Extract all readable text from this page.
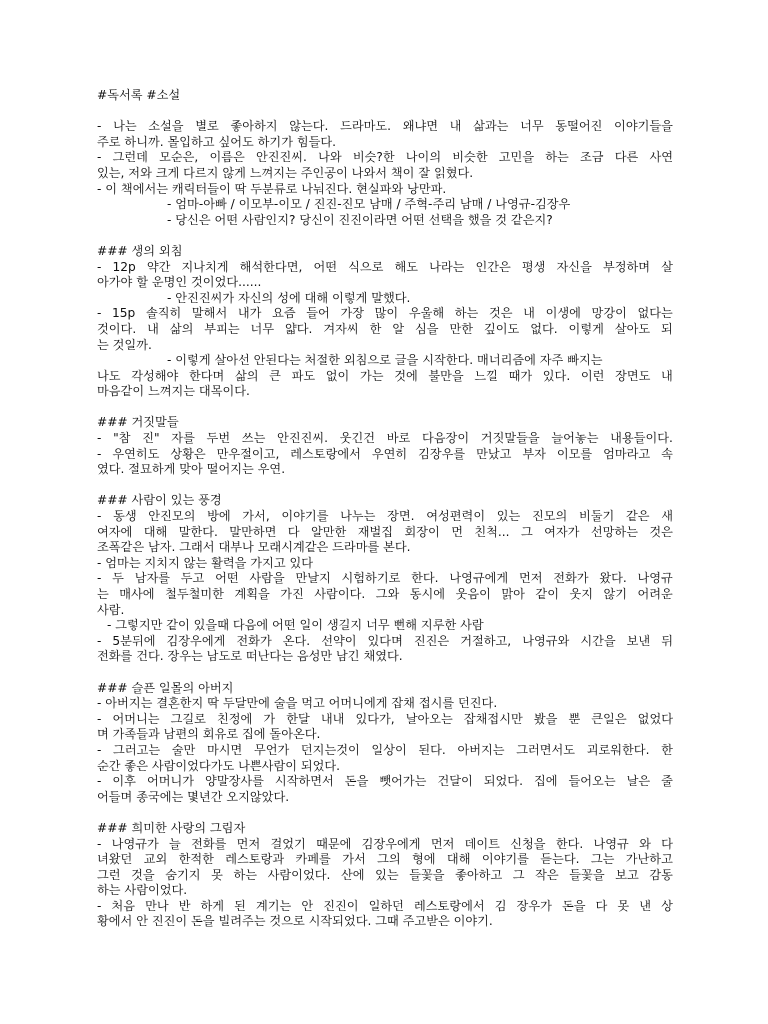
#독서록 #소설
- 나는 소설을 별로 좋아하지 않는다. 드라마도. 왜냐면 내 삶과는 너무 동떨어진 이야기들을
주로 하니까. 몰입하고 싶어도 하기가 힘들다.
- 그런데 모순은, 이름은 안진진씨. 나와 비슷?한 나이의 비슷한 고민을 하는 조금 다른 사연
있는, 저와 크게 다르지 않게 느껴지는 주인공이 나와서 책이 잘 읽혔다.
- 이 책에서는 캐릭터들이 딱 두분류로 나눠진다. 현실파와 낭만파.
- 엄마-아빠 / 이모부-이모 / 진진-진모 남매 / 주혁-주리 남매 / 나영규-김장우
- 당신은 어떤 사람인지? 당신이 진진이라면 어떤 선택을 했을 것 같은지?
### 생의 외침
- 12p 약간 지나치게 해석한다면, 어떤 식으로 해도 나라는 인간은 평생 자신을 부정하며 살
아가야 할 운명인 것이었다......
- 안진진씨가 자신의 성에 대해 이렇게 말했다.
- 15p 솔직히 말해서 내가 요즘 들어 가장 많이 우울해 하는 것은 내 이생에 망강이 없다는
것이다. 내 삶의 부피는 너무 얇다. 겨자씨 한 알 심을 만한 깊이도 없다. 이렇게 살아도 되
는 것일까.
- 이렇게 살아선 안된다는 처절한 외침으로 글을 시작한다. 매너리즘에 자주 빠지는
나도 각성해야 한다며 삶의 큰 파도 없이 가는 것에 불만을 느낄 때가 있다. 이런 장면도 내
마음같이 느껴지는 대목이다.
### 거짓말들
- "참 진" 자를 두번 쓰는 안진진씨. 웃긴건 바로 다음장이 거짓말들을 늘어놓는 내용들이다.
- 우연히도 상황은 만우절이고, 레스토랑에서 우연히 김장우를 만났고 부자 이모를 엄마라고 속
였다. 절묘하게 맞아 떨어지는 우연.
### 사람이 있는 풍경
- 동생 안진모의 방에 가서, 이야기를 나누는 장면. 여성편력이 있는 진모의 비둘기 같은 새
여자에 대해 말한다. 말만하면 다 알만한 재벌집 회장이 먼 친척... 그 여자가 선망하는 것은
조폭같은 남자. 그래서 대부나 모래시계같은 드라마를 본다.
- 엄마는 지치지 않는 활력을 가지고 있다
- 두 남자를 두고 어떤 사람을 만날지 시험하기로 한다. 나영규에게 먼저 전화가 왔다. 나영규
는 매사에 철두철미한 계획을 가진 사람이다. 그와 동시에 웃음이 맑아 같이 웃지 않기 어려운
사람.
- 그렇지만 같이 있을때 다음에 어떤 일이 생길지 너무 뻔해 지루한 사람
- 5분뒤에 김장우에게 전화가 온다. 선약이 있다며 진진은 거절하고, 나영규와 시간을 보낸 뒤
전화를 건다. 장우는 남도로 떠난다는 음성만 남긴 채였다.
### 슬픈 일몰의 아버지
- 아버지는 결혼한지 딱 두달만에 술을 먹고 어머니에게 잡채 접시를 던진다.
- 어머니는 그길로 친정에 가 한달 내내 있다가, 날아오는 잡채접시만 봤을 뿐 큰일은 없었다
며 가족들과 남편의 회유로 집에 돌아온다.
- 그러고는 술만 마시면 무언가 던지는것이 일상이 된다. 아버지는 그러면서도 괴로워한다. 한
순간 좋은 사람이었다가도 나쁜사람이 되었다.
- 이후 어머니가 양말장사를 시작하면서 돈을 뺏어가는 건달이 되었다. 집에 들어오는 날은 줄
어들며 종국에는 몇년간 오지않았다.
### 희미한 사랑의 그림자
- 나영규가 늘 전화를 먼저 걸었기 때문에 김장우에게 먼저 데이트 신청을 한다. 나영규 와 다
녀왔던 교외 한적한 레스토랑과 카페를 가서 그의 형에 대해 이야기를 듣는다. 그는 가난하고
그런 것을 숨기지 못 하는 사람이었다. 산에 있는 들꽃을 좋아하고 그 작은 들꽃을 보고 감동
하는 사람이었다.
- 처음 만나 반 하게 된 계기는 안 진진이 일하던 레스토랑에서 김 장우가 돈을 다 못 낸 상
황에서 안 진진이 돈을 빌려주는 것으로 시작되었다. 그때 주고받은 이야기.
